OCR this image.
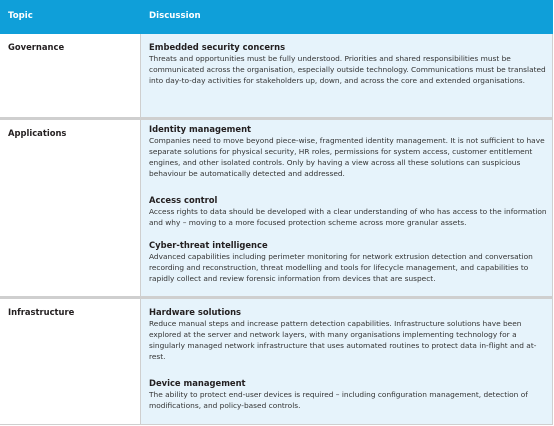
Topic	Discussion
Governance	Embedded security concerns

Threats and opportunities must be fully understood. Priorities and shared responsibilities must be communicated across the organisation, especially outside technology. Communications must be translated into day-to-day activities for stakeholders up, down, and across the core and extended organisations.

Applications	Identity management

Companies need to move beyond piece-wise, fragmented identity management. It is not sufficient to have separate solutions for physical security, HR roles, permissions for system access, customer entitlement engines, and other isolated controls. Only by having a view across all these solutions can suspicious behaviour be automatically detected and addressed.

Access control

Access rights to data should be developed with a clear understanding of who has access to the information and why – moving to a more focused protection scheme across more granular assets.

Cyber-threat intelligence

Advanced capabilities including perimeter monitoring for network extrusion detection and conversation recording and reconstruction, threat modelling and tools for lifecycle management, and capabilities to rapidly collect and review forensic information from devices that are suspect.

Infrastructure	Hardware solutions

Reduce manual steps and increase pattern detection capabilities. Infrastructure solutions have been explored at the server and network layers, with many organisations implementing technology for a singularly managed network infrastructure that uses automated routines to protect data in-flight and at-rest.

Device management

The ability to protect end-user devices is required – including configuration management, detection of modifications, and policy-based controls.
